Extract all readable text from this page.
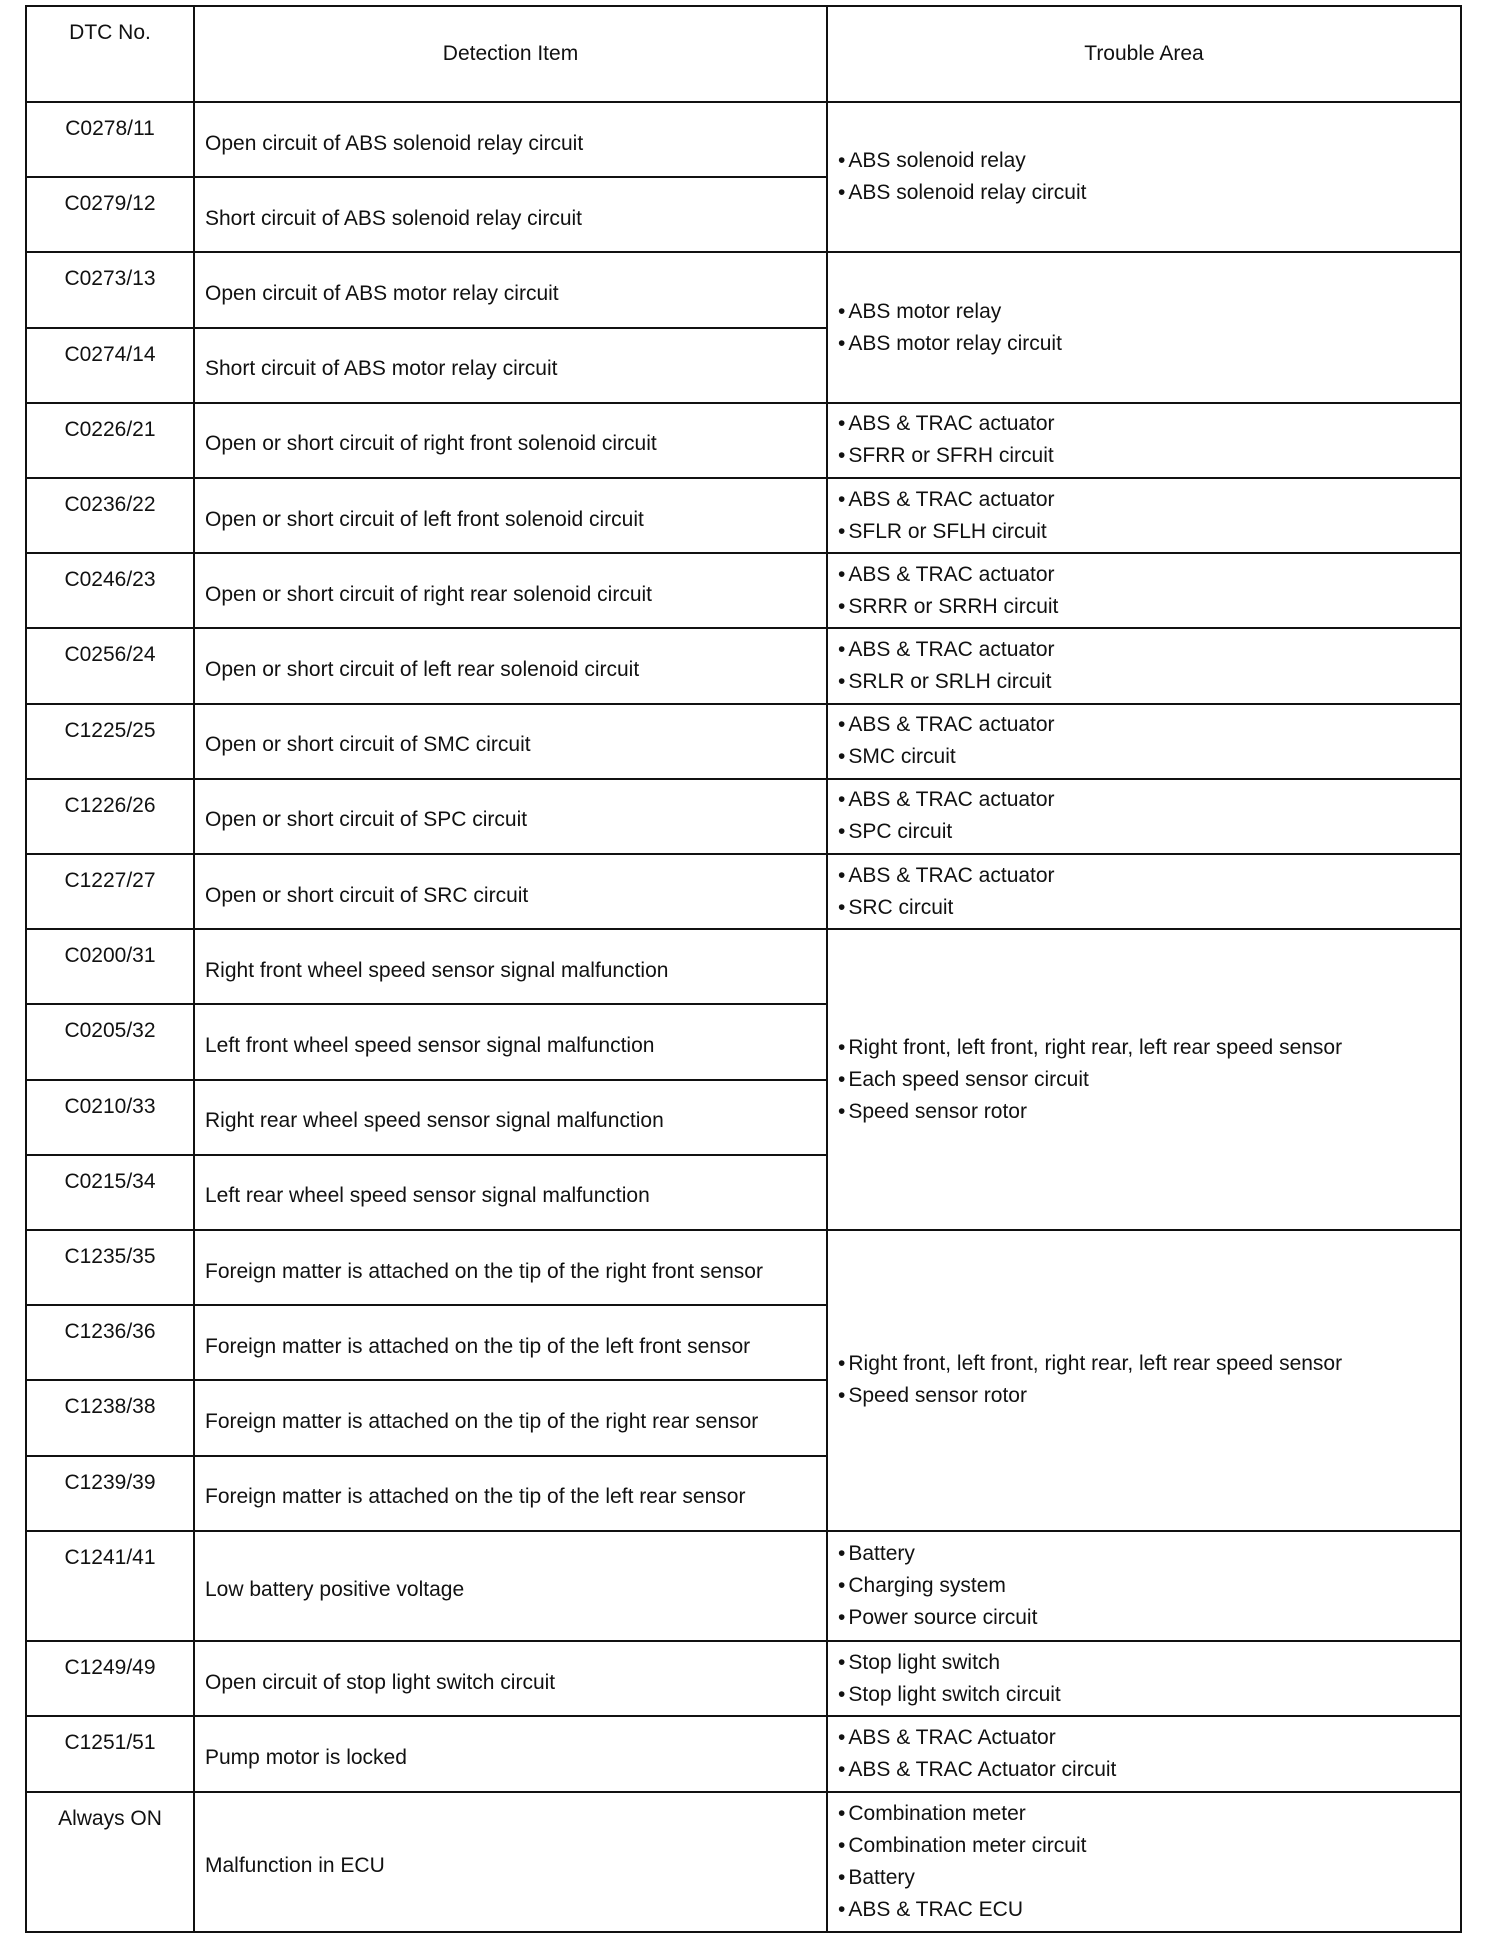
DTC No.	Detection Item	Trouble Area
C0278/11	Open circuit of ABS solenoid relay circuit	• ABS solenoid relay
• ABS solenoid relay circuit

C0279/12	Short circuit of ABS solenoid relay circuit	
C0273/13	Open circuit of ABS motor relay circuit	• ABS motor relay
• ABS motor relay circuit

C0274/14	Short circuit of ABS motor relay circuit	
C0226/21	Open or short circuit of right front solenoid circuit	• ABS & TRAC actuator
• SFRR or SFRH circuit

C0236/22	Open or short circuit of left front solenoid circuit	• ABS & TRAC actuator
• SFLR or SFLH circuit

C0246/23	Open or short circuit of right rear solenoid circuit	• ABS & TRAC actuator
• SRRR or SRRH circuit

C0256/24	Open or short circuit of left rear solenoid circuit	• ABS & TRAC actuator
• SRLR or SRLH circuit

C1225/25	Open or short circuit of SMC circuit	• ABS & TRAC actuator
• SMC circuit

C1226/26	Open or short circuit of SPC circuit	• ABS & TRAC actuator
• SPC circuit

C1227/27	Open or short circuit of SRC circuit	• ABS & TRAC actuator
• SRC circuit

C0200/31	Right front wheel speed sensor signal malfunction	• Right front, left front, right rear, left rear speed sensor
• Each speed sensor circuit
• Speed sensor rotor

C0205/32	Left front wheel speed sensor signal malfunction	
C0210/33	Right rear wheel speed sensor signal malfunction	
C0215/34	Left rear wheel speed sensor signal malfunction	
C1235/35	Foreign matter is attached on the tip of the right front sensor	• Right front, left front, right rear, left rear speed sensor
• Speed sensor rotor

C1236/36	Foreign matter is attached on the tip of the left front sensor	
C1238/38	Foreign matter is attached on the tip of the right rear sensor	
C1239/39	Foreign matter is attached on the tip of the left rear sensor	
C1241/41	Low battery positive voltage	• Battery
• Charging system
• Power source circuit

C1249/49	Open circuit of stop light switch circuit	• Stop light switch
• Stop light switch circuit

C1251/51	Pump motor is locked	• ABS & TRAC Actuator
• ABS & TRAC Actuator circuit

Always ON	Malfunction in ECU	• Combination meter
• Combination meter circuit
• Battery
• ABS & TRAC ECU
